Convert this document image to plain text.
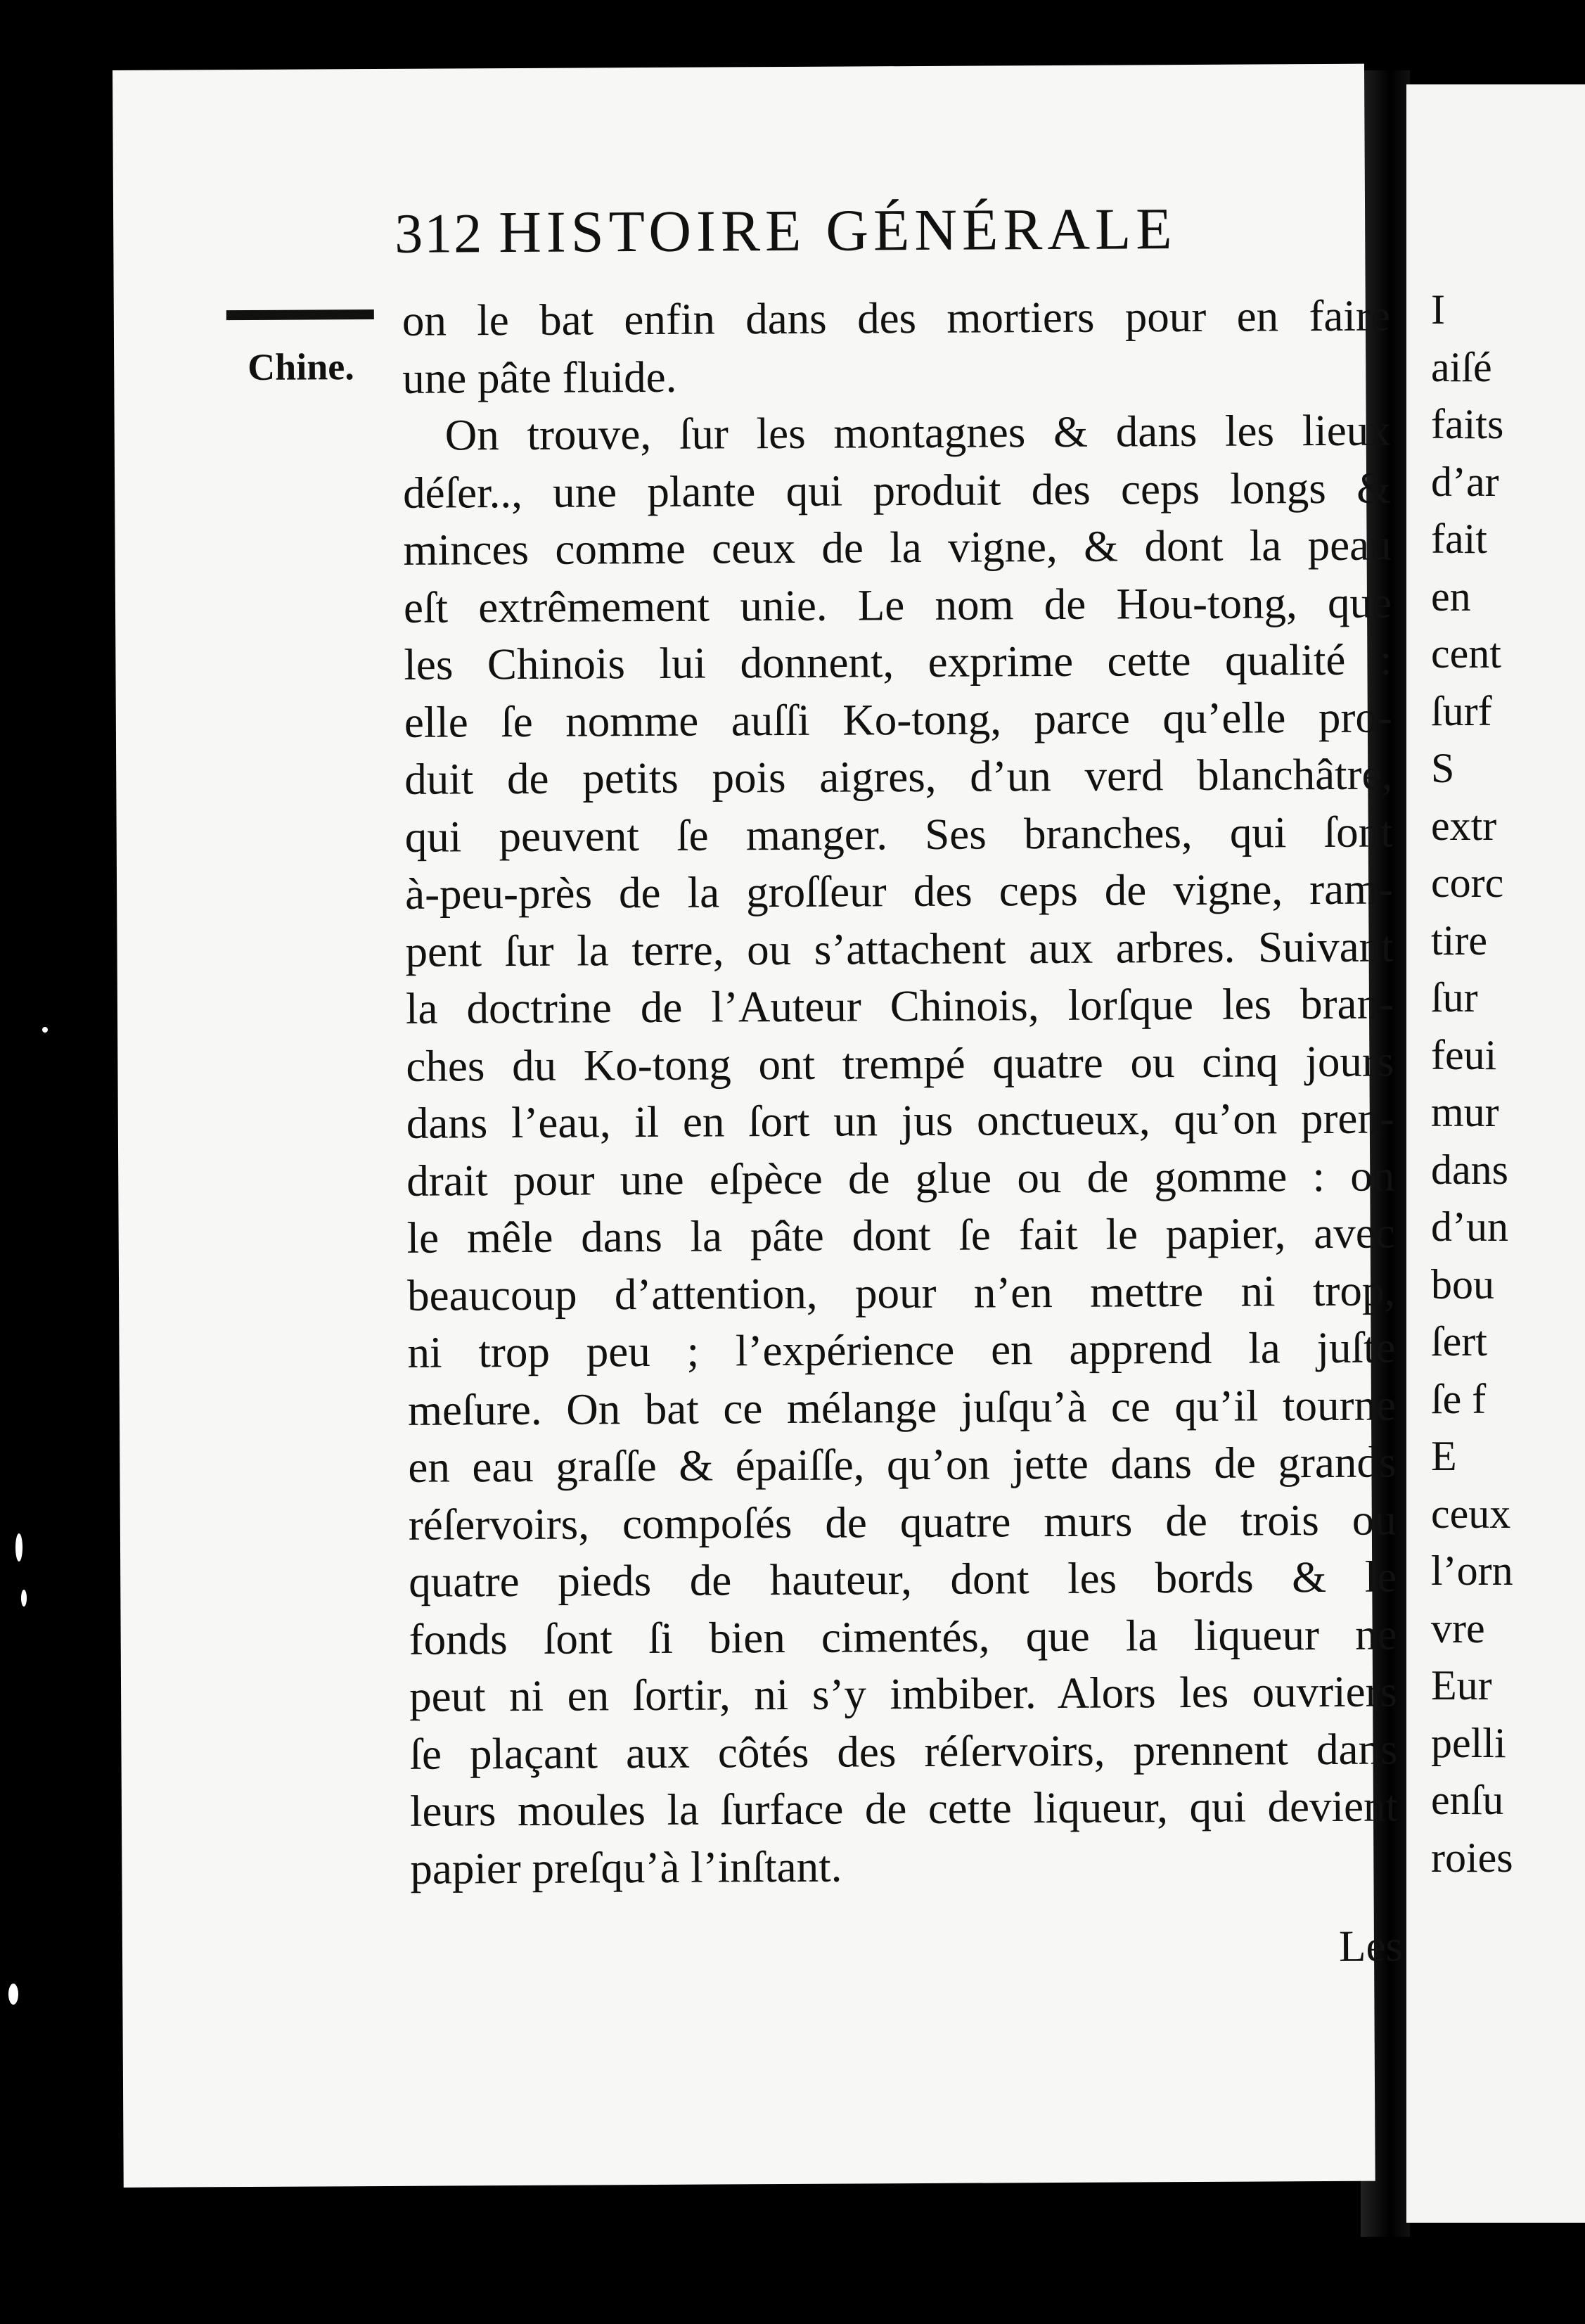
I
aiſé
faits
d’ar
fait
en
cent
ſurf
S
extr
corc
tire
ſur
feui
mur
dans
d’un
bou
ſert
ſe f
E
ceux
l’orn
vre
Eur
pelli
enſu
roies
312 HISTOIRE GÉNÉRALE
Chine.
on le bat enfin dans des mortiers pour en faire
une pâte fluide.
On trouve, ſur les montagnes & dans les lieux
déſer.., une plante qui produit des ceps longs &
minces comme ceux de la vigne, & dont la peau
eſt extrêmement unie. Le nom de Hou-tong, que
les Chinois lui donnent, exprime cette qualité :
elle ſe nomme auſſi Ko-tong, parce qu’elle pro-
duit de petits pois aigres, d’un verd blanchâtre,
qui peuvent ſe manger. Ses branches, qui ſont
à-peu-près de la groſſeur des ceps de vigne, ram-
pent ſur la terre, ou s’attachent aux arbres. Suivant
la doctrine de l’Auteur Chinois, lorſque les bran-
ches du Ko-tong ont trempé quatre ou cinq jours
dans l’eau, il en ſort un jus onctueux, qu’on pren-
drait pour une eſpèce de glue ou de gomme : on
le mêle dans la pâte dont ſe fait le papier, avec
beaucoup d’attention, pour n’en mettre ni trop,
ni trop peu ; l’expérience en apprend la juſte
meſure. On bat ce mélange juſqu’à ce qu’il tourne
en eau graſſe & épaiſſe, qu’on jette dans de grands
réſervoirs, compoſés de quatre murs de trois ou
quatre pieds de hauteur, dont les bords & le
fonds ſont ſi bien cimentés, que la liqueur ne
peut ni en ſortir, ni s’y imbiber. Alors les ouvriers
ſe plaçant aux côtés des réſervoirs, prennent dans
leurs moules la ſurface de cette liqueur, qui devient
papier preſqu’à l’inſtant.
Les
